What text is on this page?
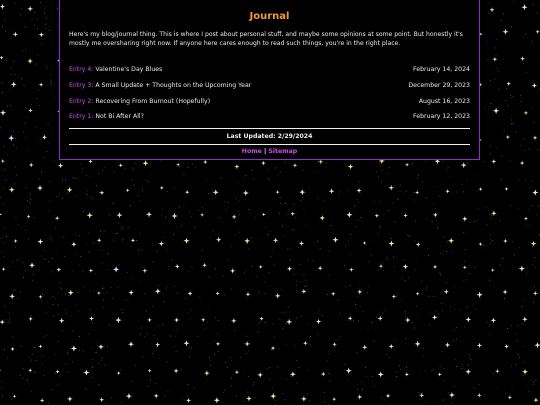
Journal

Here's my blog/journal thing. This is where I post about personal stuff, and maybe some opinions at some point. But honestly it's mostly me oversharing right now. If anyone here cares enough to read such things, you're in the right place.

Entry 4: Valentine's Day Blues	February 14, 2024
Entry 3: A Small Update + Thoughts on the Upcoming Year	December 29, 2023
Entry 2: Recovering From Burnout (Hopefully)	August 16, 2023
Entry 1: Not Bi After All?	February 12, 2023
Last Updated: 2/29/2024
Home | Sitemap
